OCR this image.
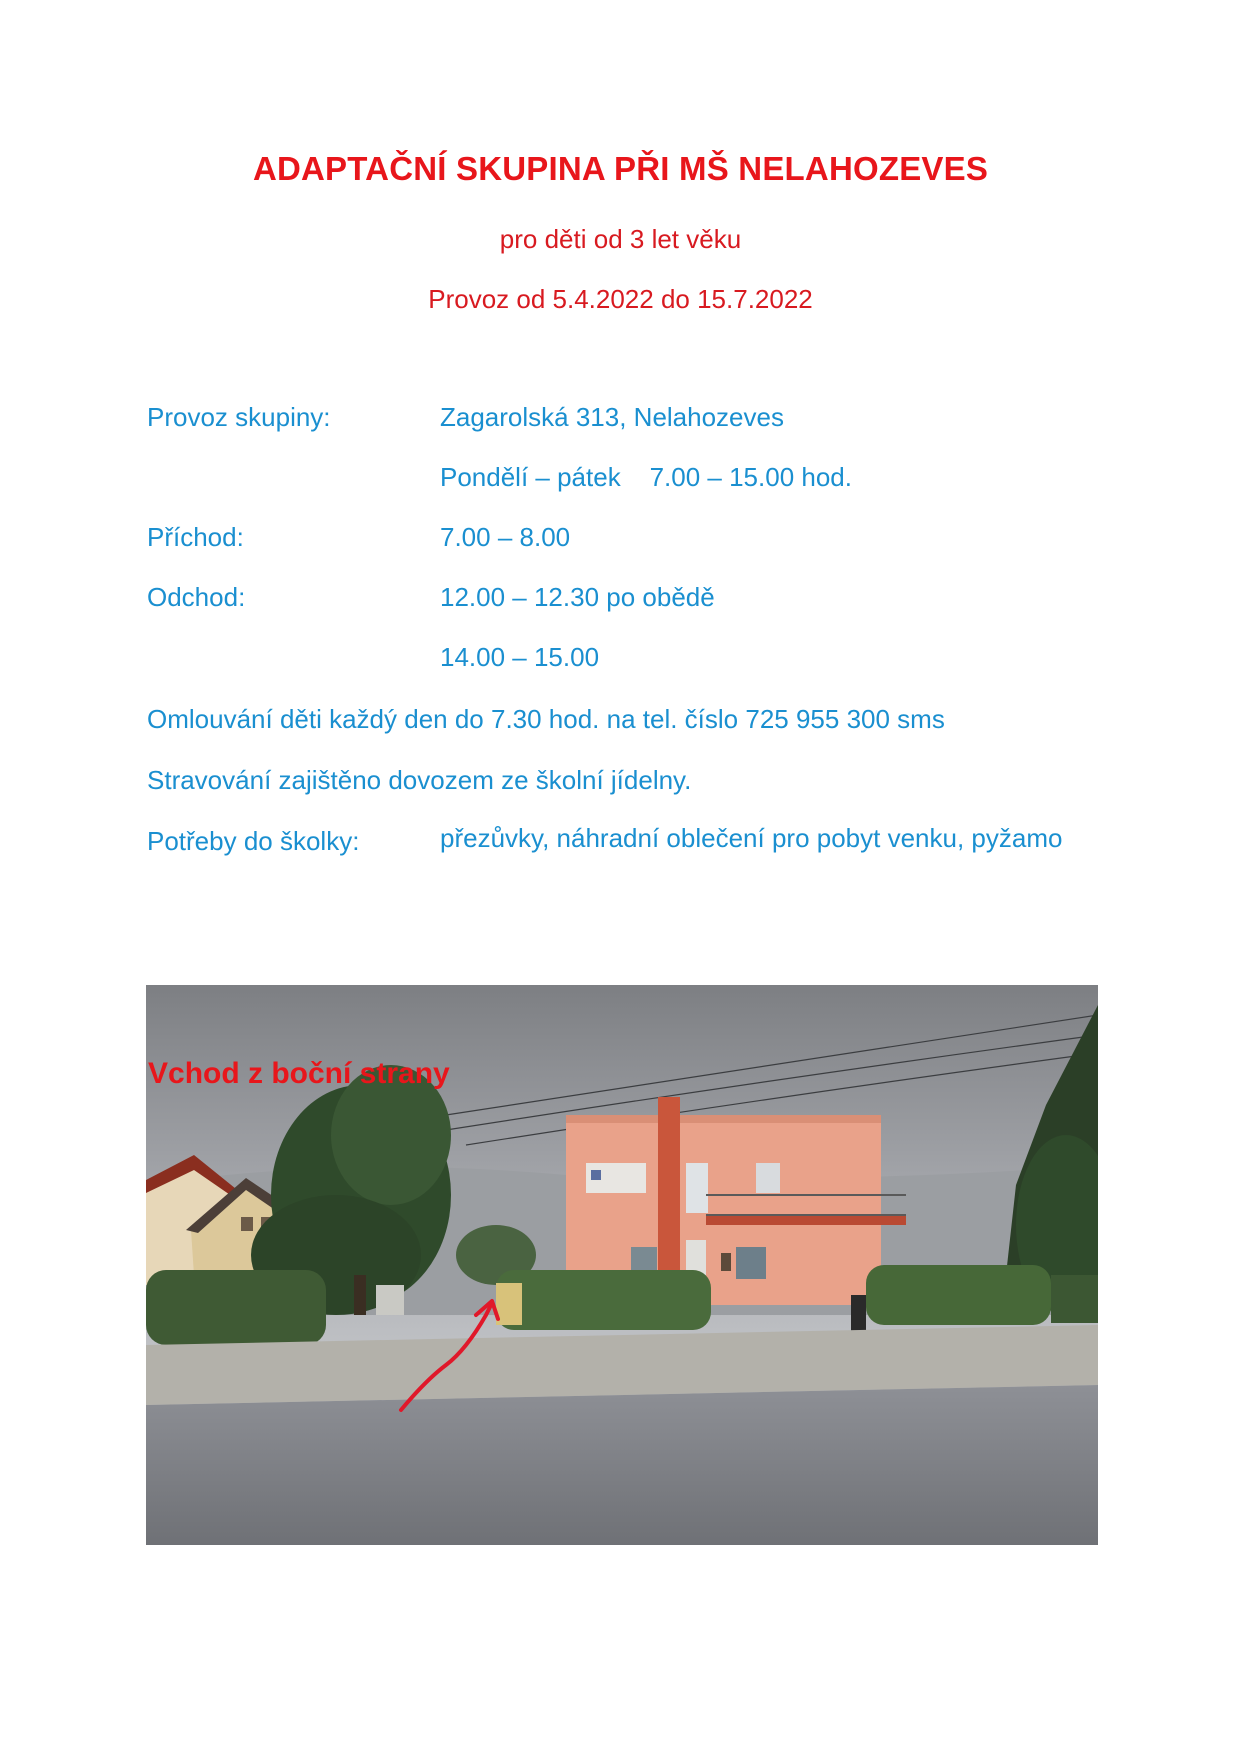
ADAPTAČNÍ SKUPINA PŘI MŠ NELAHOZEVES
pro děti od 3 let věku
Provoz od 5.4.2022 do 15.7.2022
Provoz skupiny:	Zagarolská 313, Nelahozeves
Pondělí – pátek    7.00 – 15.00 hod.
Příchod:	7.00 – 8.00
Odchod:	12.00 – 12.30 po obědě
14.00 – 15.00
Omlouvání děti každý den do 7.30 hod. na tel. číslo 725 955 300 sms
Stravování zajištěno dovozem ze školní jídelny.
Potřeby do školky:	přezůvky, náhradní oblečení pro pobyt venku, pyžamo
Vchod z boční strany
